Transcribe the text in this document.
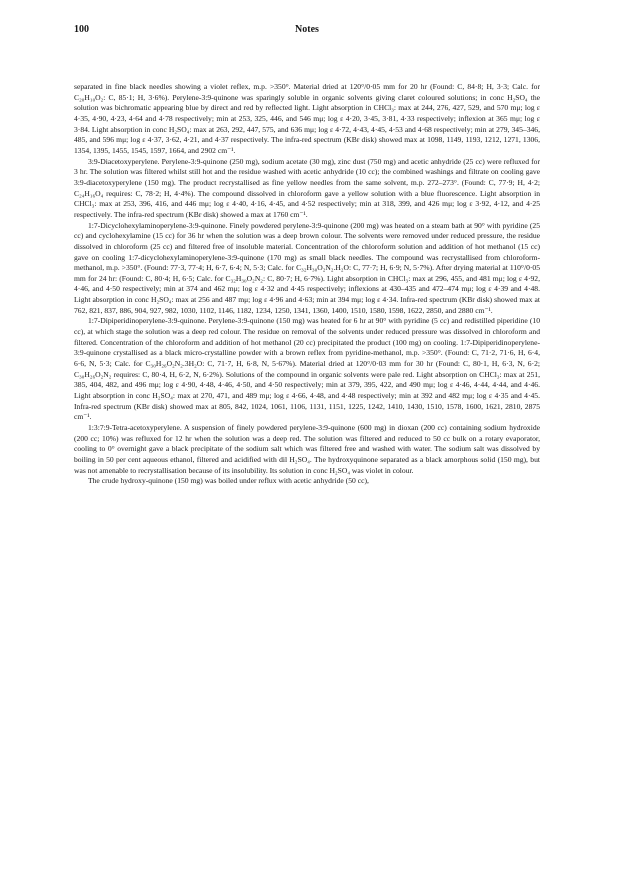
100	Notes

separated in fine black needles showing a violet reflex, m.p. >350°. Material dried at 120°/0·05 mm for 20 hr (Found: C, 84·8; H, 3·3; Calc. for C₂₀H₁₀O₂: C, 85·1; H, 3·6%). Perylene-3:9-quinone was sparingly soluble in organic solvents giving claret coloured solutions; in conc H₂SO₄ the solution was bichromatic appearing blue by direct and red by reflected light. Light absorption in CHCl₃: max at 244, 276, 427, 529, and 570 mμ; log ε 4·35, 4·90, 4·23, 4·64 and 4·78 respectively; min at 253, 325, 446, and 546 mμ; log ε 4·20, 3·45, 3·81, 4·33 respectively; inflexion at 365 mμ; log ε 3·84. Light absorption in conc H₂SO₄: max at 263, 292, 447, 575, and 636 mμ; log ε 4·72, 4·43, 4·45, 4·53 and 4·68 respectively; min at 279, 345–346, 485, and 596 mμ; log ε 4·37, 3·62, 4·21, and 4·37 respectively. The infra-red spectrum (KBr disk) showed max at 1098, 1149, 1193, 1212, 1271, 1306, 1354, 1395, 1455, 1545, 1597, 1664, and 2902 cm⁻¹.

3:9-Diacetoxyperylene. Perylene-3:9-quinone (250 mg), sodium acetate (30 mg), zinc dust (750 mg) and acetic anhydride (25 cc) were refluxed for 3 hr. The solution was filtered whilst still hot and the residue washed with acetic anhydride (10 cc); the combined washings and filtrate on cooling gave 3:9-diacetoxyperylene (150 mg). The product recrystallised as fine yellow needles from the same solvent, m.p. 272–273°. (Found: C, 77·9; H, 4·2; C₂₄H₁₆O₄ requires: C, 78·2; H, 4·4%). The compound dissolved in chloroform gave a yellow solution with a blue fluorescence. Light absorption in CHCl₃: max at 253, 396, 416, and 446 mμ; log ε 4·40, 4·16, 4·45, and 4·52 respectively; min at 318, 399, and 426 mμ; log ε 3·92, 4·12, and 4·25 respectively. The infra-red spectrum (KBr disk) showed a max at 1760 cm⁻¹.

1:7-Dicyclohexylaminoperylene-3:9-quinone. Finely powdered perylene-3:9-quinone (200 mg) was heated on a steam bath at 90° with pyridine (25 cc) and cyclohexylamine (15 cc) for 36 hr when the solution was a deep brown colour. The solvents were removed under reduced pressure, the residue dissolved in chloroform (25 cc) and filtered free of insoluble material. Concentration of the chloroform solution and addition of hot methanol (15 cc) gave on cooling 1:7-dicyclohexylaminoperylene-3:9-quinone (170 mg) as small black needles. The compound was recrystallised from chloroform-methanol, m.p. >350°. (Found: 77·3, 77·4; H, 6·7, 6·4; N, 5·3; Calc. for C₃₂H₃₀O₂N₂.H₂O: C, 77·7; H, 6·9; N, 5·7%). After drying material at 110°/0·05 mm for 24 hr: (Found: C, 80·4; H, 6·5; Calc. for C₃₂H₃₀O₂N₂: C, 80·7; H, 6·7%). Light absorption in CHCl₃: max at 296, 455, and 481 mμ; log ε 4·92, 4·46, and 4·50 respectively; min at 374 and 462 mμ; log ε 4·32 and 4·45 respectively; inflexions at 430–435 and 472–474 mμ; log ε 4·39 and 4·48. Light absorption in conc H₂SO₄: max at 256 and 487 mμ; log ε 4·96 and 4·63; min at 394 mμ; log ε 4·34. Infra-red spectrum (KBr disk) showed max at 762, 821, 837, 886, 904, 927, 982, 1030, 1102, 1146, 1182, 1234, 1250, 1341, 1360, 1400, 1510, 1580, 1598, 1622, 2850, and 2880 cm⁻¹.

1:7-Dipiperidinoperylene-3:9-quinone. Perylene-3:9-quinone (150 mg) was heated for 6 hr at 90° with pyridine (5 cc) and redistilled piperidine (10 cc), at which stage the solution was a deep red colour. The residue on removal of the solvents under reduced pressure was dissolved in chloroform and filtered. Concentration of the chloroform and addition of hot methanol (20 cc) precipitated the product (100 mg) on cooling. 1:7-Dipiperidinoperylene-3:9-quinone crystallised as a black micro-crystalline powder with a brown reflex from pyridine-methanol, m.p. >350°. (Found: C, 71·2, 71·6, H, 6·4, 6·6, N, 5·3; Calc. for C₃₀H₂₆O₂N₂.3H₂O: C, 71·7, H, 6·8, N, 5·67%). Material dried at 120°/0·03 mm for 30 hr (Found: C, 80·1, H, 6·3, N, 6·2; C₃₀H₂₆O₂N₂ requires: C, 80·4, H, 6·2, N, 6·2%). Solutions of the compound in organic solvents were pale red. Light absorption on CHCl₃: max at 251, 385, 404, 482, and 496 mμ; log ε 4·90, 4·48, 4·46, 4·50, and 4·50 respectively; min at 379, 395, 422, and 490 mμ; log ε 4·46, 4·44, 4·44, and 4·46. Light absorption in conc H₂SO₄: max at 270, 471, and 489 mμ; log ε 4·66, 4·48, and 4·48 respectively; min at 392 and 482 mμ; log ε 4·35 and 4·45. Infra-red spectrum (KBr disk) showed max at 805, 842, 1024, 1061, 1106, 1131, 1151, 1225, 1242, 1410, 1430, 1510, 1578, 1600, 1621, 2810, 2875 cm⁻¹.

1:3:7:9-Tetra-acetoxyperylene. A suspension of finely powdered perylene-3:9-quinone (600 mg) in dioxan (200 cc) containing sodium hydroxide (200 cc; 10%) was refluxed for 12 hr when the solution was a deep red. The solution was filtered and reduced to 50 cc bulk on a rotary evaporator, cooling to 0° overnight gave a black precipitate of the sodium salt which was filtered free and washed with water. The sodium salt was dissolved by boiling in 50 per cent aqueous ethanol, filtered and acidified with dil H₂SO₄. The hydroxyquinone separated as a black amorphous solid (150 mg), but was not amenable to recrystallisation because of its insolubility. Its solution in conc H₂SO₄ was violet in colour.

The crude hydroxy-quinone (150 mg) was boiled under reflux with acetic anhydride (50 cc),
